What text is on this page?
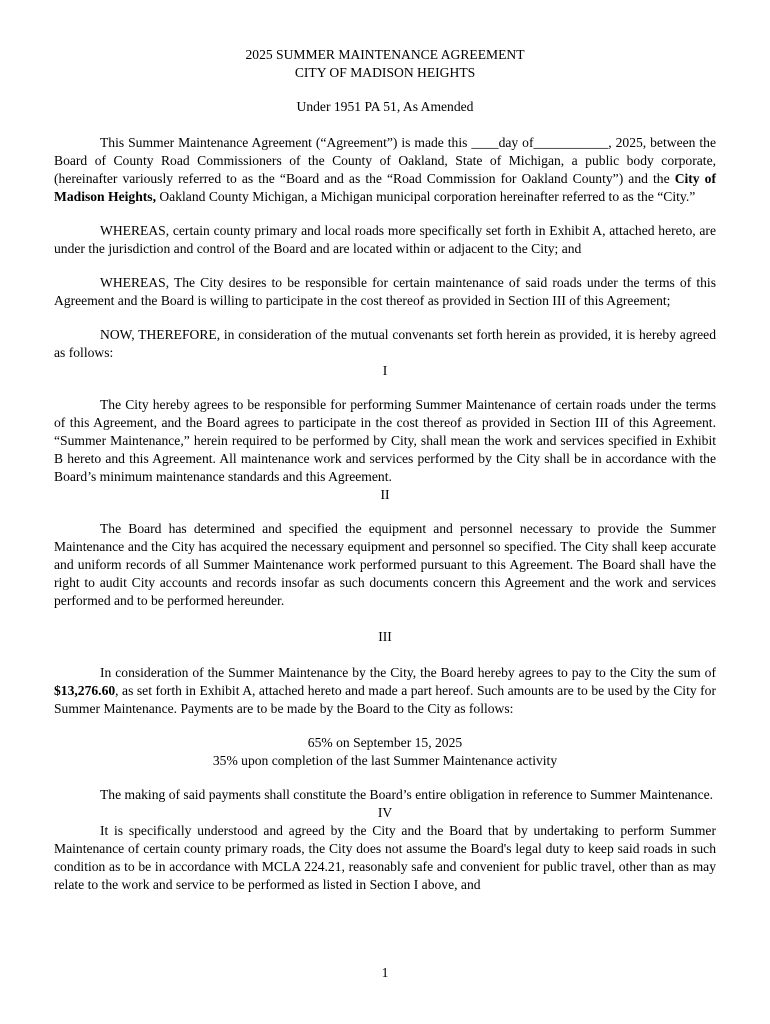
2025 SUMMER MAINTENANCE AGREEMENT

CITY OF MADISON HEIGHTS

Under 1951 PA 51, As Amended

This Summer Maintenance Agreement (“Agreement”) is made this ____day of___________, 2025, between the Board of County Road Commissioners of the County of Oakland, State of Michigan, a public body corporate, (hereinafter variously referred to as the “Board and as the “Road Commission for Oakland County”) and the City of Madison Heights, Oakland County Michigan, a Michigan municipal corporation hereinafter referred to as the “City.”

WHEREAS, certain county primary and local roads more specifically set forth in Exhibit A, attached hereto, are under the jurisdiction and control of the Board and are located within or adjacent to the City; and

WHEREAS, The City desires to be responsible for certain maintenance of said roads under the terms of this Agreement and the Board is willing to participate in the cost thereof as provided in Section III of this Agreement;

NOW, THEREFORE, in consideration of the mutual convenants set forth herein as provided, it is hereby agreed as follows:

I

The City hereby agrees to be responsible for performing Summer Maintenance of certain roads under the terms of this Agreement, and the Board agrees to participate in the cost thereof as provided in Section III of this Agreement. “Summer Maintenance,” herein required to be performed by City, shall mean the work and services specified in Exhibit B hereto and this Agreement. All maintenance work and services performed by the City shall be in accordance with the Board’s minimum maintenance standards and this Agreement.

II

The Board has determined and specified the equipment and personnel necessary to provide the Summer Maintenance and the City has acquired the necessary equipment and personnel so specified. The City shall keep accurate and uniform records of all Summer Maintenance work performed pursuant to this Agreement. The Board shall have the right to audit City accounts and records insofar as such documents concern this Agreement and the work and services performed and to be performed hereunder.

III

In consideration of the Summer Maintenance by the City, the Board hereby agrees to pay to the City the sum of $13,276.60, as set forth in Exhibit A, attached hereto and made a part hereof. Such amounts are to be used by the City for Summer Maintenance. Payments are to be made by the Board to the City as follows:

65% on September 15, 2025

35% upon completion of the last Summer Maintenance activity

The making of said payments shall constitute the Board’s entire obligation in reference to Summer Maintenance.

IV

It is specifically understood and agreed by the City and the Board that by undertaking to perform Summer Maintenance of certain county primary roads, the City does not assume the Board's legal duty to keep said roads in such condition as to be in accordance with MCLA 224.21, reasonably safe and convenient for public travel, other than as may relate to the work and service to be performed as listed in Section I above, and

1
